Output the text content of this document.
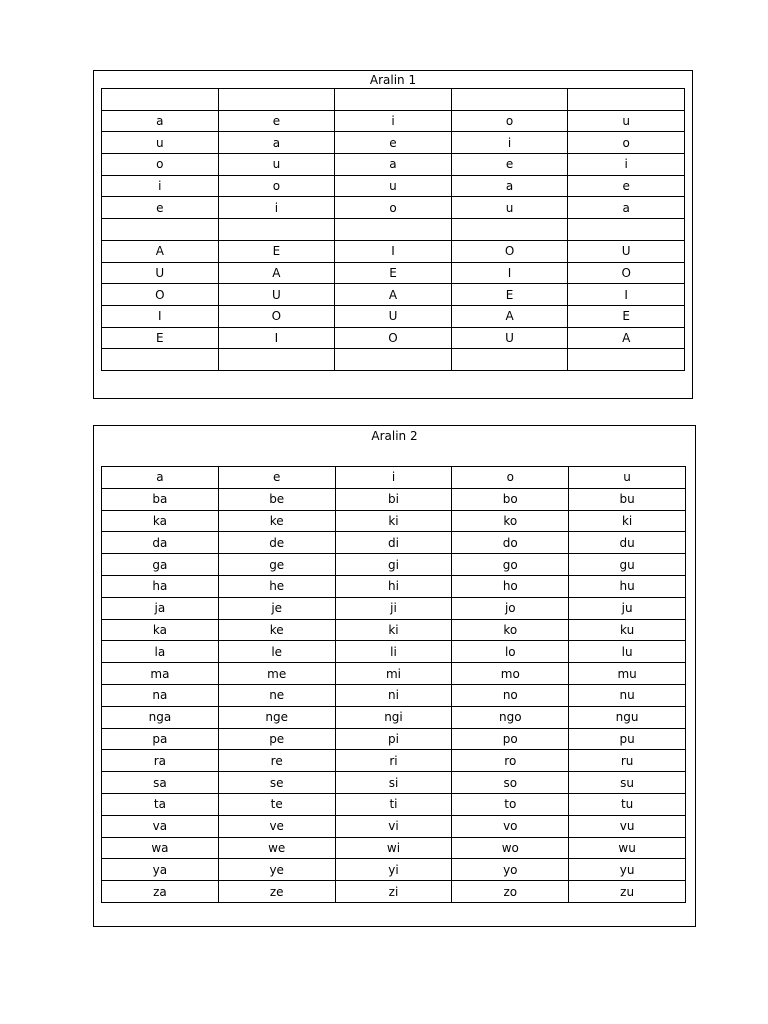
Aralin 1

a	e	i	o	u
u	a	e	i	o
o	u	a	e	i
i	o	u	a	e
e	i	o	u	a

A	E	I	O	U
U	A	E	I	O
O	U	A	E	I
I	O	U	A	E
E	I	O	U	A

Aralin 2
a	e	i	o	u
ba	be	bi	bo	bu
ka	ke	ki	ko	ki
da	de	di	do	du
ga	ge	gi	go	gu
ha	he	hi	ho	hu
ja	je	ji	jo	ju
ka	ke	ki	ko	ku
la	le	li	lo	lu
ma	me	mi	mo	mu
na	ne	ni	no	nu
nga	nge	ngi	ngo	ngu
pa	pe	pi	po	pu
ra	re	ri	ro	ru
sa	se	si	so	su
ta	te	ti	to	tu
va	ve	vi	vo	vu
wa	we	wi	wo	wu
ya	ye	yi	yo	yu
za	ze	zi	zo	zu
